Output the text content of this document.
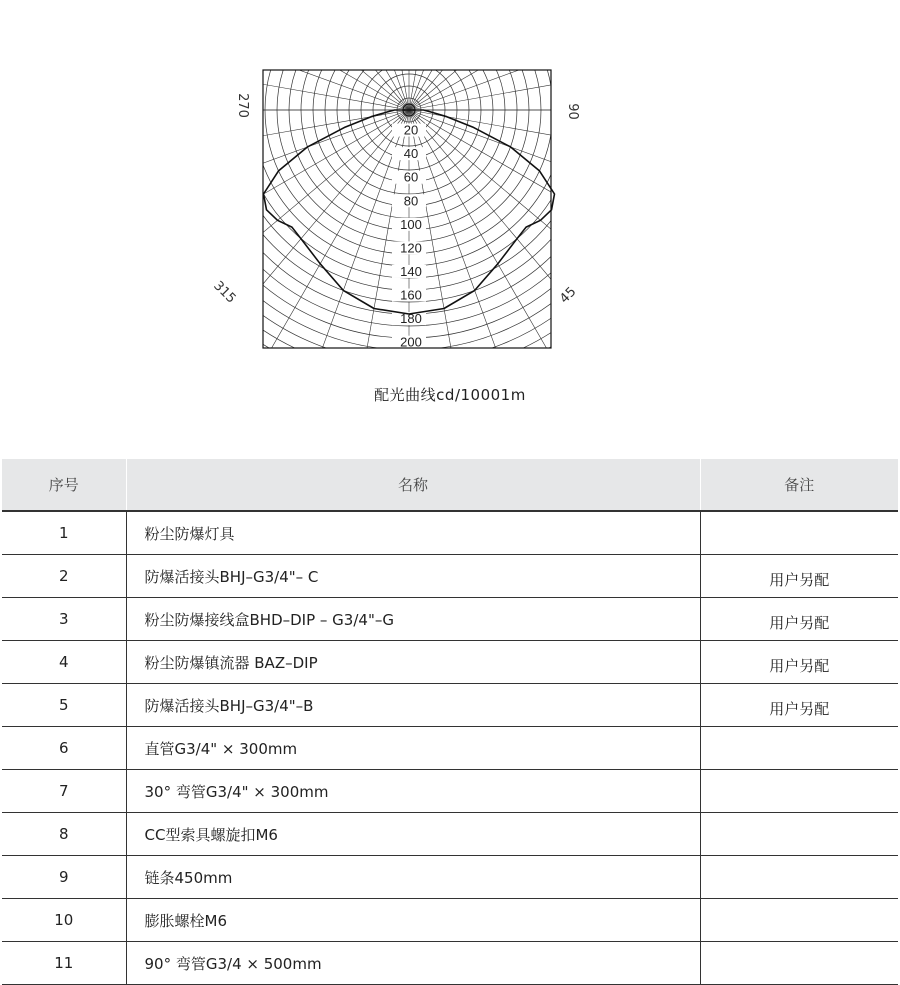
20
40
60
80
100
120
140
160
180
200
270	90
315	45
配光曲线cd/10001m
序号	名称	备注
1	粉尘防爆灯具	
2	防爆活接头BHJ–G3/4"– C	用户另配
3	粉尘防爆接线盒BHD–DIP – G3/4"–G	用户另配
4	粉尘防爆镇流器 BAZ–DIP	用户另配
5	防爆活接头BHJ–G3/4"–B	用户另配
6	直管G3/4" × 300mm	
7	30° 弯管G3/4" × 300mm	
8	CC型索具螺旋扣M6	
9	链条450mm	
10	膨胀螺栓M6	
11	90° 弯管G3/4 × 500mm	
